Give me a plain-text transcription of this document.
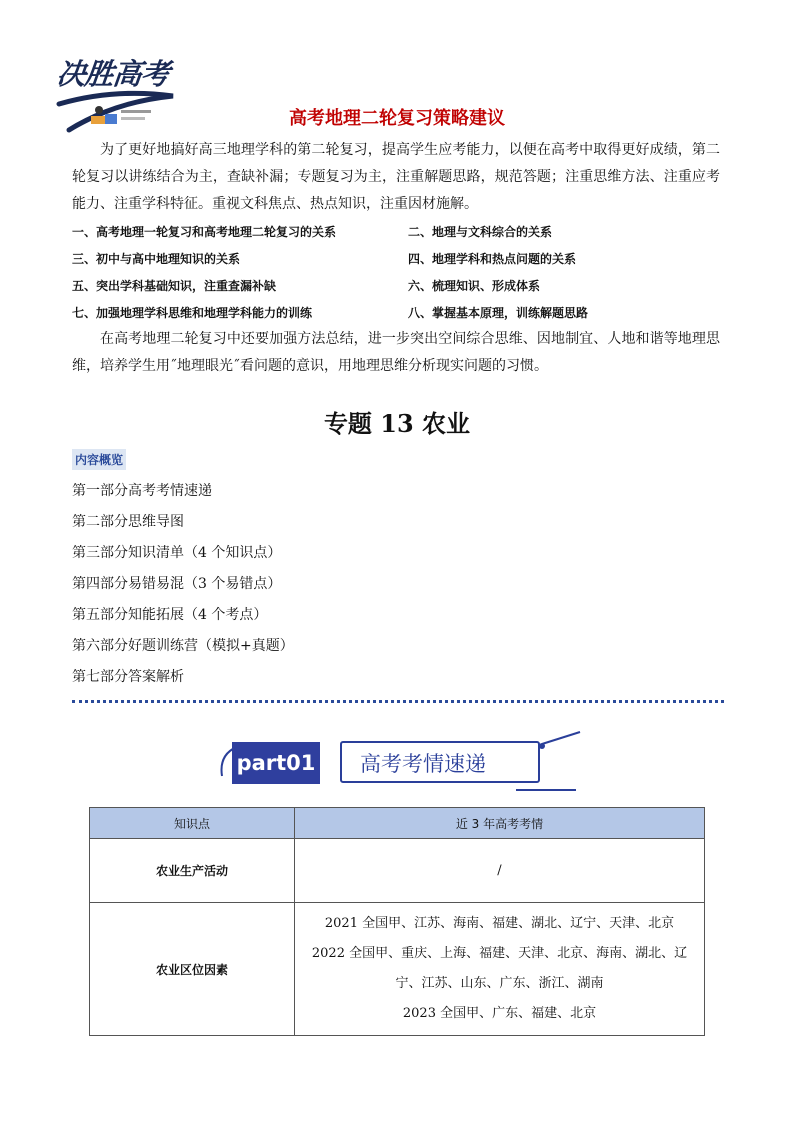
决胜高考
高考地理二轮复习策略建议
为了更好地搞好高三地理学科的第二轮复习，提高学生应考能力，以便在高考中取得更好成绩，第二轮复习以讲练结合为主，查缺补漏；专题复习为主，注重解题思路，规范答题；注重思维方法、注重应考能力、注重学科特征。重视文科焦点、热点知识，注重因材施解。
一、高考地理一轮复习和高考地理二轮复习的关系	二、地理与文科综合的关系
三、初中与高中地理知识的关系	四、地理学科和热点问题的关系
五、突出学科基础知识，注重查漏补缺	六、梳理知识、形成体系
七、加强地理学科思维和地理学科能力的训练	八、掌握基本原理，训练解题思路
在高考地理二轮复习中还要加强方法总结，进一步突出空间综合思维、因地制宜、人地和谐等地理思维，培养学生用˝地理眼光˝看问题的意识，用地理思维分析现实问题的习惯。
专题 13 农业
内容概览
第一部分高考考情速递
第二部分思维导图
第三部分知识清单（4 个知识点）
第四部分易错易混（3 个易错点）
第五部分知能拓展（4 个考点）
第六部分好题训练营（模拟+真题）
第七部分答案解析
part01 高考考情速递
知识点	近 3 年高考考情
农业生产活动	/

农业区位因素	2021 全国甲、江苏、海南、福建、湖北、辽宁、天津、北京
2022 全国甲、重庆、上海、福建、天津、北京、海南、湖北、辽
宁、江苏、山东、广东、浙江、湖南
2023 全国甲、广东、福建、北京
